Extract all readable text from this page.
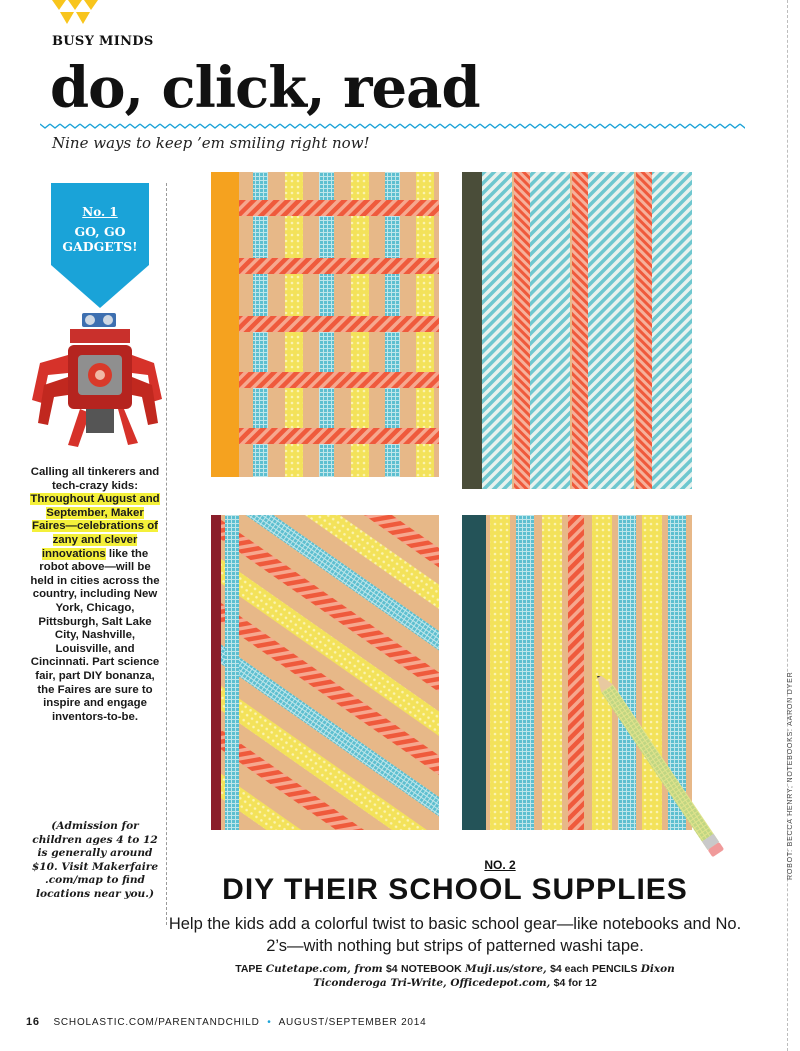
BUSY MINDS
do, click, read
Nine ways to keep ’em smiling right now!
No. 1
GO, GO
GADGETS!
Calling all tinkerers and tech-crazy kids: Throughout August and September, Maker Faires—celebrations of zany and clever innovations like the robot above—will be held in cities across the country, including New York, Chicago, Pittsburgh, Salt Lake City, Nashville, Louisville, and Cincinnati. Part science fair, part DIY bonanza, the Faires are sure to inspire and engage inventors-to-be.
(Admission for children ages 4 to 12 is generally around $10. Visit Makerfaire .com/map to find locations near you.)
NO. 2
DIY THEIR SCHOOL SUPPLIES
Help the kids add a colorful twist to basic school gear—like notebooks and No. 2’s—with nothing but strips of patterned washi tape.
TAPE Cutetape.com, from $4 NOTEBOOK Muji.us/store, $4 each PENCILS Dixon
Ticonderoga Tri-Write, Officedepot.com, $4 for 12
ROBOT: BECCA HENRY; NOTEBOOKS: AARON DYER
16 SCHOLASTIC.COM/PARENTANDCHILD • AUGUST/SEPTEMBER 2014
